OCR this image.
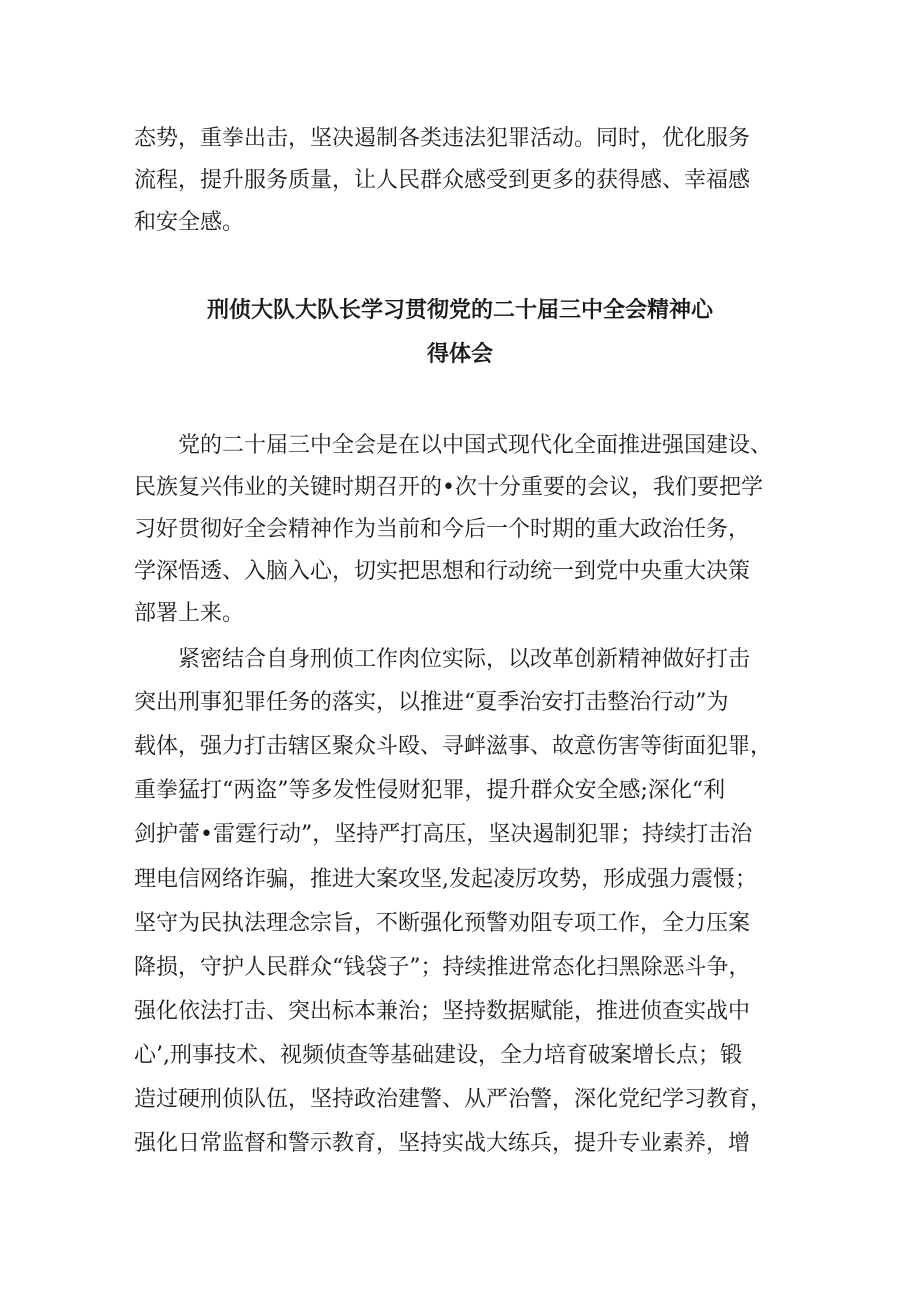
态势，重拳出击，坚决遏制各类违法犯罪活动。同时，优化服务
流程，提升服务质量，让人民群众感受到更多的获得感、幸福感
和安全感。
刑侦大队大队长学习贯彻党的二十届三中全会精神心
得体会
党的二十届三中全会是在以中国式现代化全面推进强国建设、
民族复兴伟业的关键时期召开的•次十分重要的会议，我们要把学
习好贯彻好全会精神作为当前和今后一个时期的重大政治任务，
学深悟透、入脑入心，切实把思想和行动统一到党中央重大决策
部署上来。
紧密结合自身刑侦工作肉位实际，以改革创新精神做好打击
突出刑事犯罪任务的落实，以推进“夏季治安打击整治行动”为
载体，强力打击辖区聚众斗殴、寻衅滋事、故意伤害等街面犯罪，
重拳猛打“两盗”等多发性侵财犯罪，提升群众安全感;深化“利
剑护蕾•雷霆行动”，坚持严打高压，坚决遏制犯罪；持续打击治
理电信网络诈骗，推进大案攻坚,发起凌厉攻势，形成强力震慑；
坚守为民执法理念宗旨，不断强化预警劝阻专项工作，全力压案
降损，守护人民群众“钱袋子”；持续推进常态化扫黑除恶斗争，
强化依法打击、突出标本兼治；坚持数据赋能，推进侦查实战中
心’,刑事技术、视频侦查等基础建设，全力培育破案增长点；锻
造过硬刑侦队伍，坚持政治建警、从严治警，深化党纪学习教育，
强化日常监督和警示教育，坚持实战大练兵，提升专业素养，增
